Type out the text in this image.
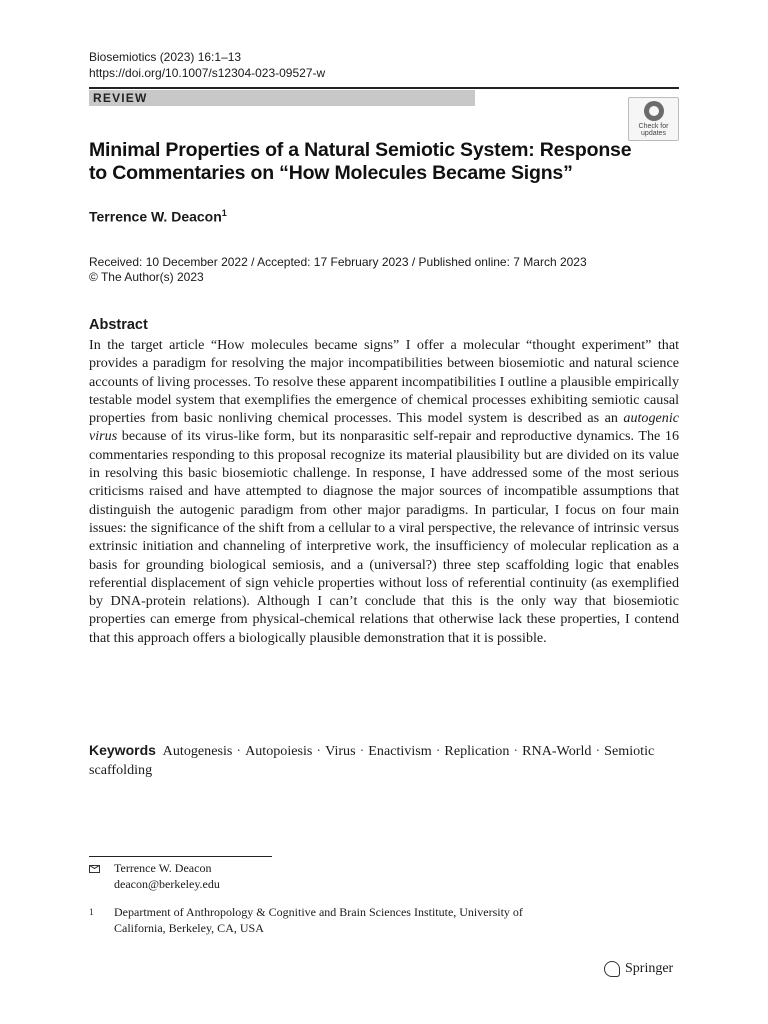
Biosemiotics (2023) 16:1–13
https://doi.org/10.1007/s12304-023-09527-w
REVIEW
Check for
updates
Minimal Properties of a Natural Semiotic System: Response to Commentaries on “How Molecules Became Signs”
Terrence W. Deacon$^1$
Received: 10 December 2022 / Accepted: 17 February 2023 / Published online: 7 March 2023
© The Author(s) 2023
Abstract
In the target article “How molecules became signs” I offer a molecular “thought experiment” that provides a paradigm for resolving the major incompatibilities between biosemiotic and natural science accounts of living processes. To resolve these apparent incompatibilities I outline a plausible empirically testable model system that exemplifies the emergence of chemical processes exhibiting semiotic causal properties from basic nonliving chemical processes. This model system is described as an autogenic virus because of its virus-like form, but its nonparasitic self-repair and reproductive dynamics. The 16 commentaries responding to this proposal recognize its material plausibility but are divided on its value in resolving this basic biosemiotic challenge. In response, I have addressed some of the most serious criticisms raised and have attempted to diagnose the major sources of incompatible assumptions that distinguish the autogenic paradigm from other major paradigms. In particular, I focus on four main issues: the significance of the shift from a cellular to a viral perspective, the relevance of intrinsic versus extrinsic initiation and channeling of interpretive work, the insufficiency of molecular replication as a basis for grounding biological semiosis, and a (universal?) three step scaffolding logic that enables referential displacement of sign vehicle properties without loss of referential continuity (as exemplified by DNA-protein relations). Although I can’t conclude that this is the only way that biosemiotic properties can emerge from physical-chemical relations that otherwise lack these properties, I contend that this approach offers a biologically plausible demonstration that it is possible.
Keywords Autogenesis · Autopoiesis · Virus · Enactivism · Replication · RNA-World · Semiotic scaffolding
Terrence W. Deacon
deacon@berkeley.edu
$^1$	Department of Anthropology & Cognitive and Brain Sciences Institute, University of
California, Berkeley, CA, USA
Springer
